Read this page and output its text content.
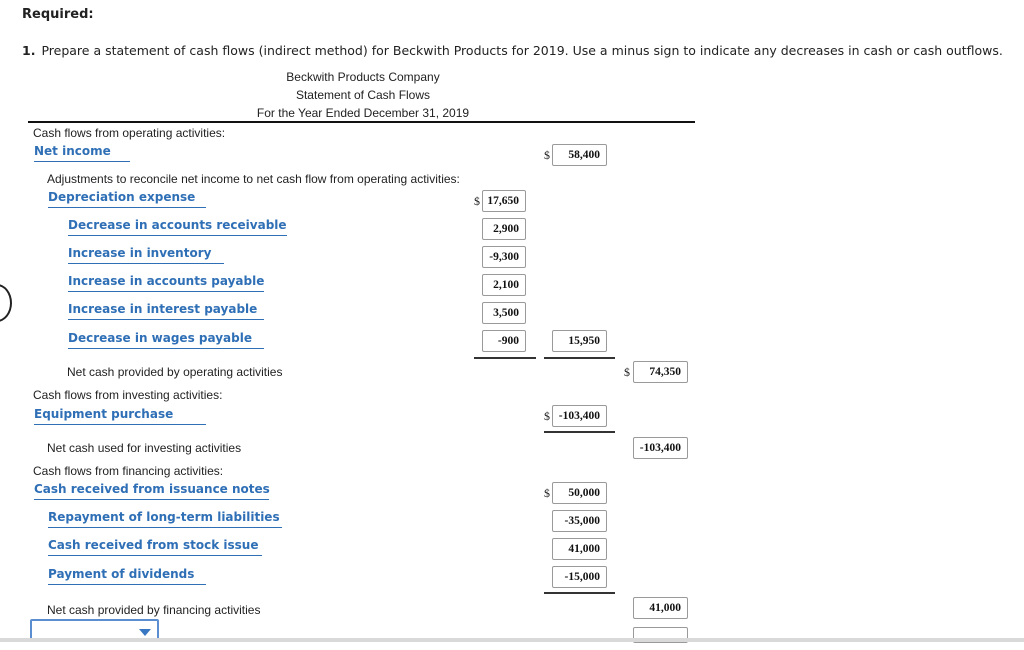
Required:
1. Prepare a statement of cash flows (indirect method) for Beckwith Products for 2019. Use a minus sign to indicate any decreases in cash or cash outflows.
Beckwith Products Company
Statement of Cash Flows
For the Year Ended December 31, 2019
Cash flows from operating activities:
Net income	$	58,400
Adjustments to reconcile net income to net cash flow from operating activities:
Depreciation expense	$ 17,650
Decrease in accounts receivable	2,900
Increase in inventory	-9,300
Increase in accounts payable	2,100
Increase in interest payable	3,500
Decrease in wages payable	-900	15,950
Net cash provided by operating activities	$	74,350
Cash flows from investing activities:
Equipment purchase	$ -103,400
Net cash used for investing activities	-103,400
Cash flows from financing activities:
Cash received from issuance notes	$	50,000
Repayment of long-term liabilities	-35,000
Cash received from stock issue	41,000
Payment of dividends	-15,000
Net cash provided by financing activities	41,000
